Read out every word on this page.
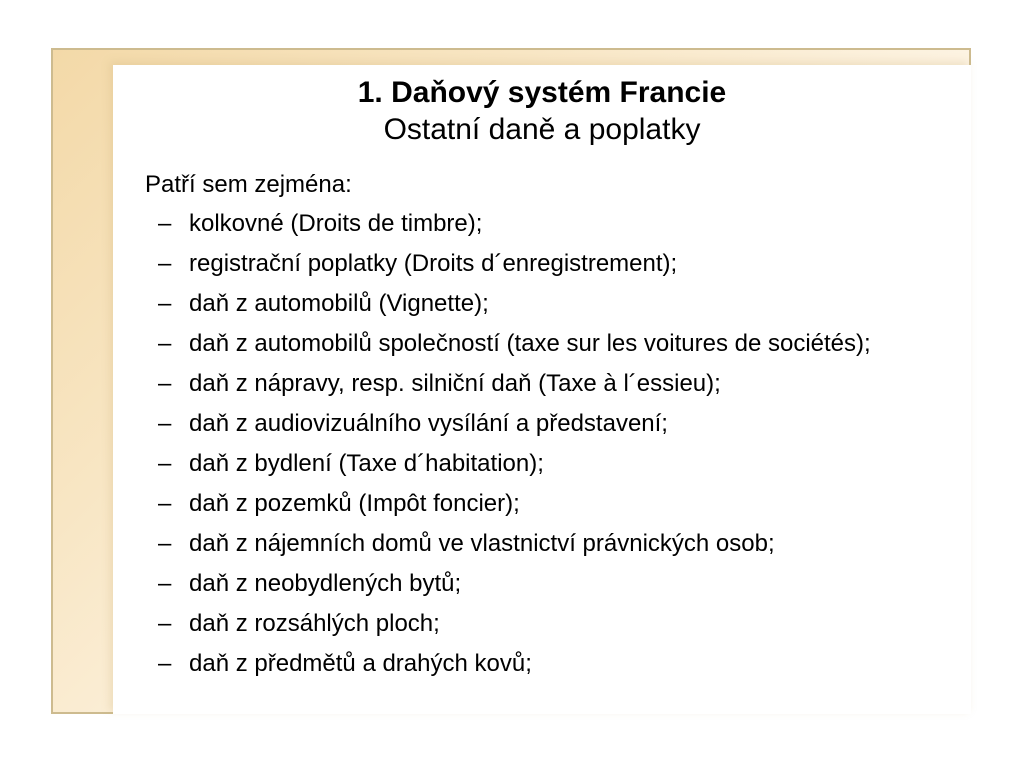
1. Daňový systém Francie
Ostatní daně a poplatky

Patří sem zejména:

– kolkovné (Droits de timbre);
– registrační poplatky (Droits d´enregistrement);
– daň z automobilů (Vignette);
– daň z automobilů společností (taxe sur les voitures de sociétés);
– daň z nápravy, resp. silniční daň (Taxe à l´essieu);
– daň z audiovizuálního vysílání a představení;
– daň z bydlení (Taxe d´habitation);
– daň z pozemků (Impôt foncier);
– daň z nájemních domů ve vlastnictví právnických osob;
– daň z neobydlených bytů;
– daň z rozsáhlých ploch;
– daň z předmětů a drahých kovů;
